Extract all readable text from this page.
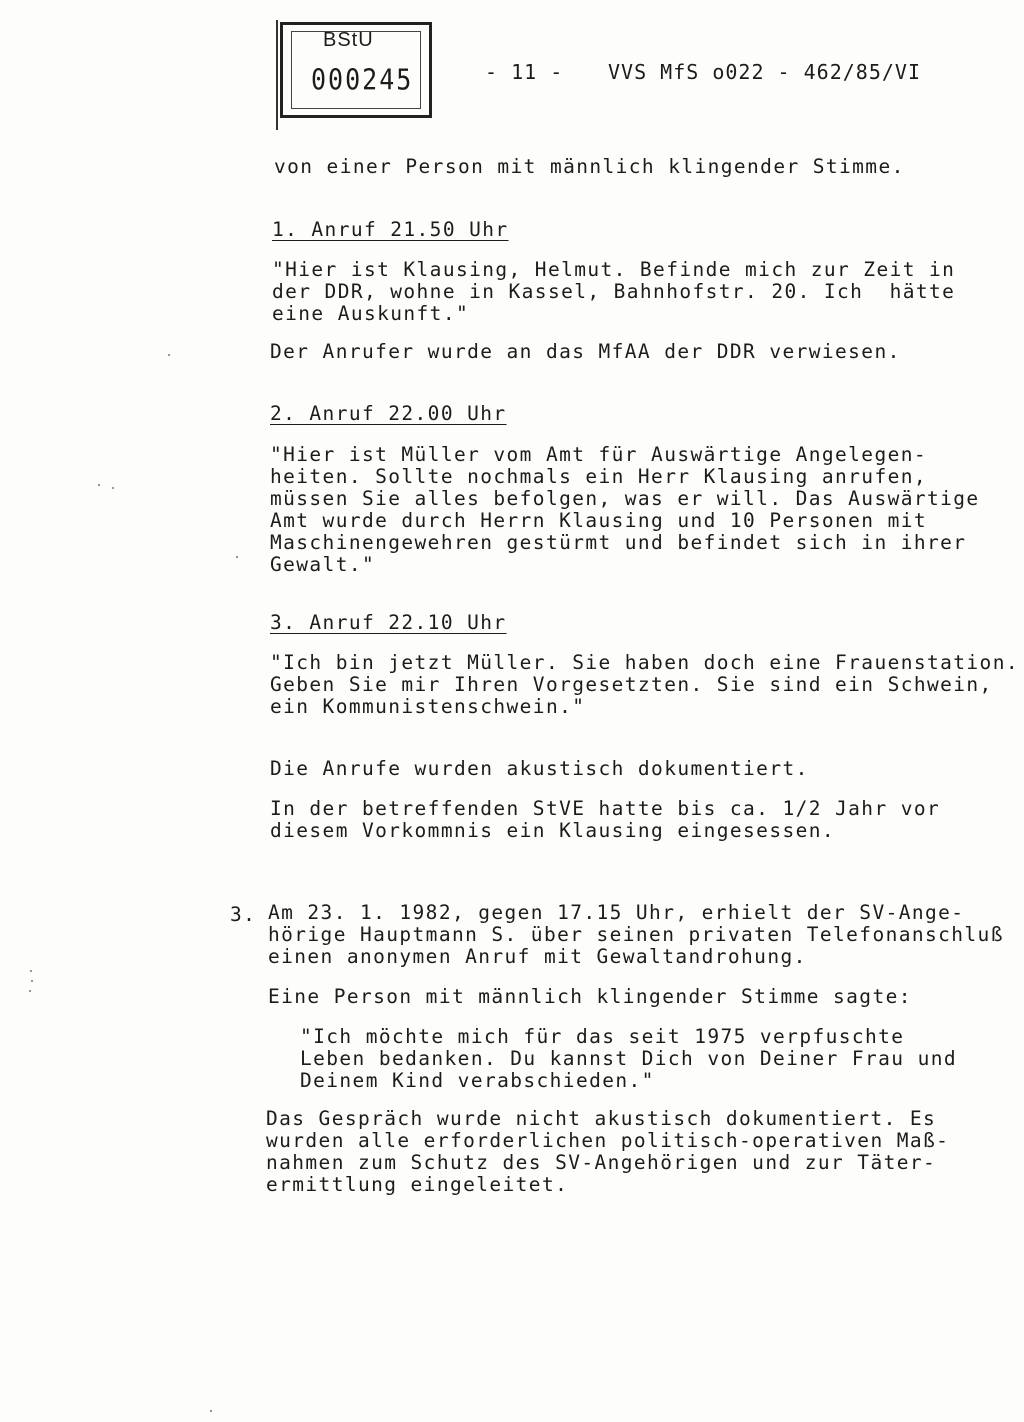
BStU
000245	- 11 - VVS MfS o022 - 462/85/VI
von einer Person mit männlich klingender Stimme.
1. Anruf 21.50 Uhr
"Hier ist Klausing, Helmut. Befinde mich zur Zeit in
der DDR, wohne in Kassel, Bahnhofstr. 20. Ich  hätte
eine Auskunft."
Der Anrufer wurde an das MfAA der DDR verwiesen.
2. Anruf 22.00 Uhr
"Hier ist Müller vom Amt für Auswärtige Angelegen-
heiten. Sollte nochmals ein Herr Klausing anrufen,
müssen Sie alles befolgen, was er will. Das Auswärtige
Amt wurde durch Herrn Klausing und 10 Personen mit
Maschinengewehren gestürmt und befindet sich in ihrer
Gewalt."
3. Anruf 22.10 Uhr
"Ich bin jetzt Müller. Sie haben doch eine Frauenstation.
Geben Sie mir Ihren Vorgesetzten. Sie sind ein Schwein,
ein Kommunistenschwein."
Die Anrufe wurden akustisch dokumentiert.
In der betreffenden StVE hatte bis ca. 1/2 Jahr vor
diesem Vorkommnis ein Klausing eingesessen.
3. Am 23. 1. 1982, gegen 17.15 Uhr, erhielt der SV-Ange-
hörige Hauptmann S. über seinen privaten Telefonanschluß
einen anonymen Anruf mit Gewaltandrohung.
Eine Person mit männlich klingender Stimme sagte:
"Ich möchte mich für das seit 1975 verpfuschte
Leben bedanken. Du kannst Dich von Deiner Frau und
Deinem Kind verabschieden."
Das Gespräch wurde nicht akustisch dokumentiert. Es
wurden alle erforderlichen politisch-operativen Maß-
nahmen zum Schutz des SV-Angehörigen und zur Täter-
ermittlung eingeleitet.
